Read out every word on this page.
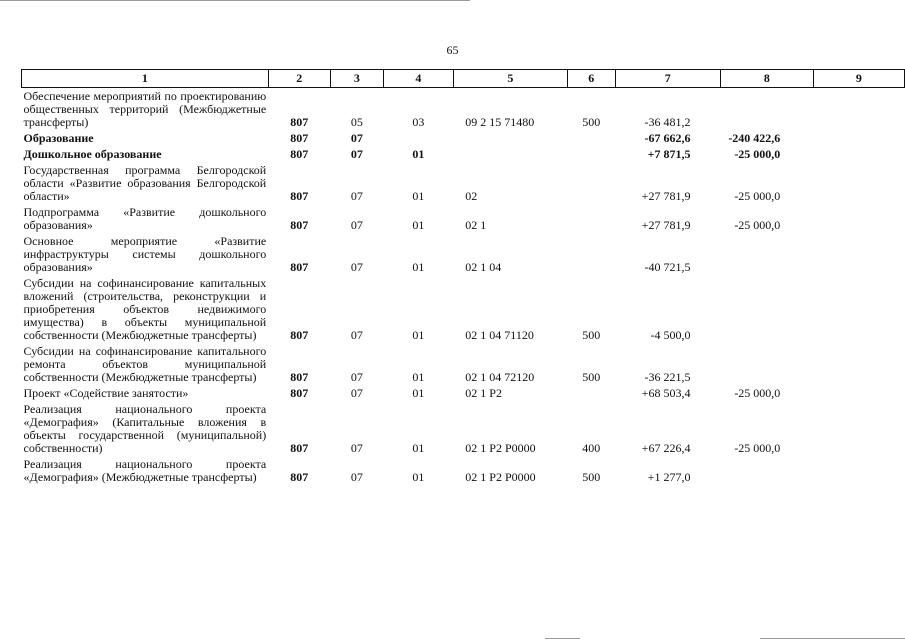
65
1	2	3	4	5	6	7	8	9
Обеспечение мероприятий по проектированию общественных территорий (Межбюджетные трансферты)	807	05	03	09 2 15 71480	500	-36 481,2		
Образование	807	07				-67 662,6	-240 422,6	
Дошкольное образование	807	07	01			+7 871,5	-25 000,0	
Государственная программа Белгородской области «Развитие образования Белгородской области»	807	07	01	02		+27 781,9	-25 000,0	
Подпрограмма «Развитие дошкольного образования»	807	07	01	02 1		+27 781,9	-25 000,0	
Основное мероприятие «Развитие инфраструктуры системы дошкольного образования»	807	07	01	02 1 04		-40 721,5		
Субсидии на софинансирование капитальных вложений (строительства, реконструкции и приобретения объектов недвижимого имущества) в объекты муниципальной собственности (Межбюджетные трансферты)	807	07	01	02 1 04 71120	500	-4 500,0		
Субсидии на софинансирование капитального ремонта объектов муниципальной собственности (Межбюджетные трансферты)	807	07	01	02 1 04 72120	500	-36 221,5		
Проект «Содействие занятости»	807	07	01	02 1 P2		+68 503,4	-25 000,0	
Реализация национального проекта «Демография» (Капитальные вложения в объекты государственной (муниципальной) собственности)	807	07	01	02 1 P2 P0000	400	+67 226,4	-25 000,0	
Реализация национального проекта «Демография» (Межбюджетные трансферты)	807	07	01	02 1 P2 P0000	500	+1 277,0		
